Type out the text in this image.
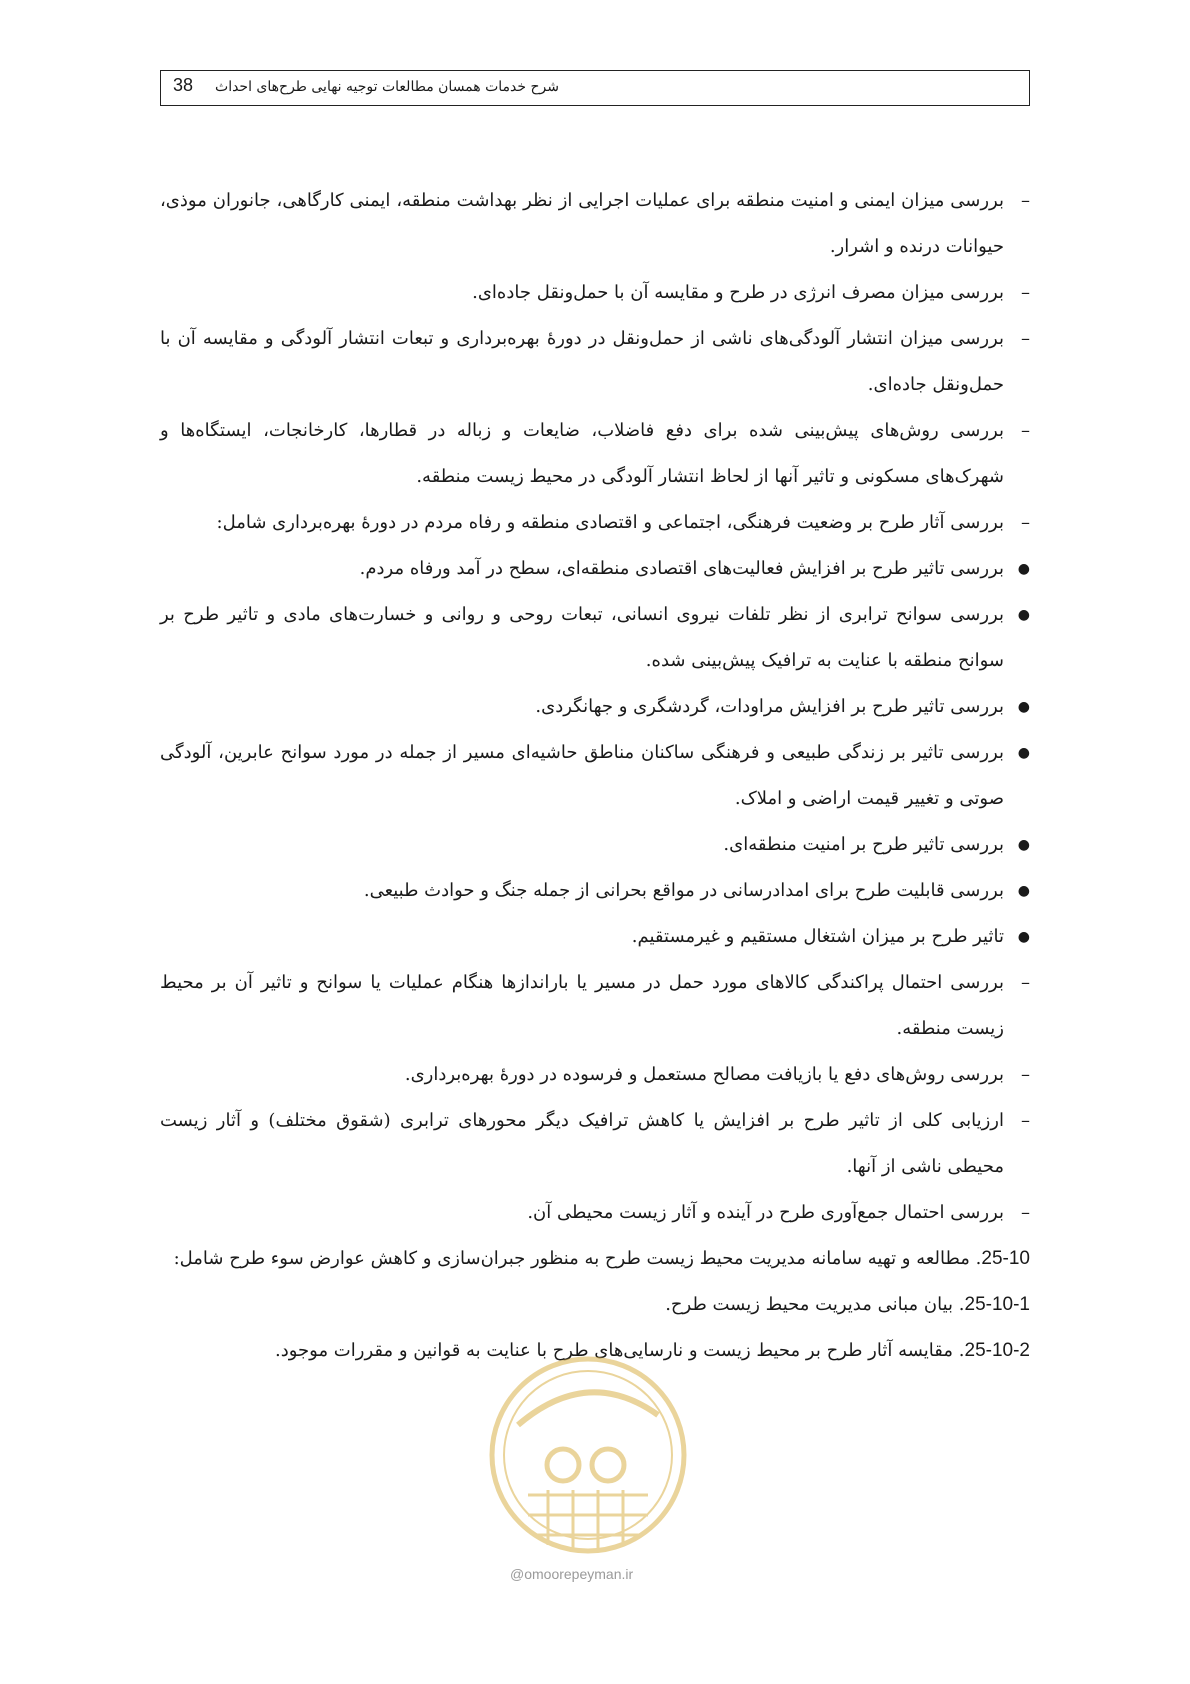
38 شرح خدمات همسان مطالعات توجیه نهایی طرح‌های احداث
–
بررسی میزان ایمنی و امنیت منطقه برای عملیات اجرایی از نظر بهداشت منطقه، ایمنی کارگاهی، جانوران موذی، حیوانات درنده و اشرار.
–
بررسی میزان مصرف انرژی در طرح و مقایسه آن با حمل‌ونقل جاده‌ای.
–
بررسی میزان انتشار آلودگی‌های ناشی از حمل‌ونقل در دورهٔ بهره‌برداری و تبعات انتشار آلودگی و مقایسه آن با حمل‌ونقل جاده‌ای.
–
بررسی روش‌های پیش‌بینی شده برای دفع فاضلاب، ضایعات و زباله در قطارها، کارخانجات، ایستگاه‌ها و شهرک‌های مسکونی و تاثیر آنها از لحاظ انتشار آلودگی در محیط زیست منطقه.
–
بررسی آثار طرح بر وضعیت فرهنگی، اجتماعی و اقتصادی منطقه و رفاه مردم در دورهٔ بهره‌برداری شامل:
●
بررسی تاثیر طرح بر افزایش فعالیت‌های اقتصادی منطقه‌ای، سطح در آمد ورفاه مردم.
●
بررسی سوانح ترابری از نظر تلفات نیروی انسانی، تبعات روحی و روانی و خسارت‌های مادی و تاثیر طرح بر سوانح منطقه با عنایت به ترافیک پیش‌بینی شده.
●
بررسی تاثیر طرح بر افزایش مراودات، گردشگری و جهانگردی.
●
بررسی تاثیر بر زندگی طبیعی و فرهنگی ساکنان مناطق حاشیه‌ای مسیر از جمله در مورد سوانح عابرین، آلودگی صوتی و تغییر قیمت اراضی و املاک.
●
بررسی تاثیر طرح بر امنیت منطقه‌ای.
●
بررسی قابلیت طرح برای امدادرسانی در مواقع بحرانی از جمله جنگ و حوادث طبیعی.
●
تاثیر طرح بر میزان اشتغال مستقیم و غیرمستقیم.
–
بررسی احتمال پراکندگی کالاهای مورد حمل در مسیر یا باراندازها هنگام عملیات یا سوانح و تاثیر آن بر محیط زیست منطقه.
–
بررسی روش‌های دفع یا بازیافت مصالح مستعمل و فرسوده در دورهٔ بهره‌برداری.
–
ارزیابی کلی از تاثیر طرح بر افزایش یا کاهش ترافیک دیگر محورهای ترابری (شقوق مختلف) و آثار زیست محیطی ناشی از آنها.
–
بررسی احتمال جمع‌آوری طرح در آینده و آثار زیست محیطی آن.
25-10. مطالعه و تهیه سامانه مدیریت محیط زیست طرح به منظور جبران‌سازی و کاهش عوارض سوء طرح شامل:
25-10-1. بیان مبانی مدیریت محیط زیست طرح.
25-10-2. مقایسه آثار طرح بر محیط زیست و نارسایی‌های طرح با عنایت به قوانین و مقررات موجود.
@omoorepeyman.ir
